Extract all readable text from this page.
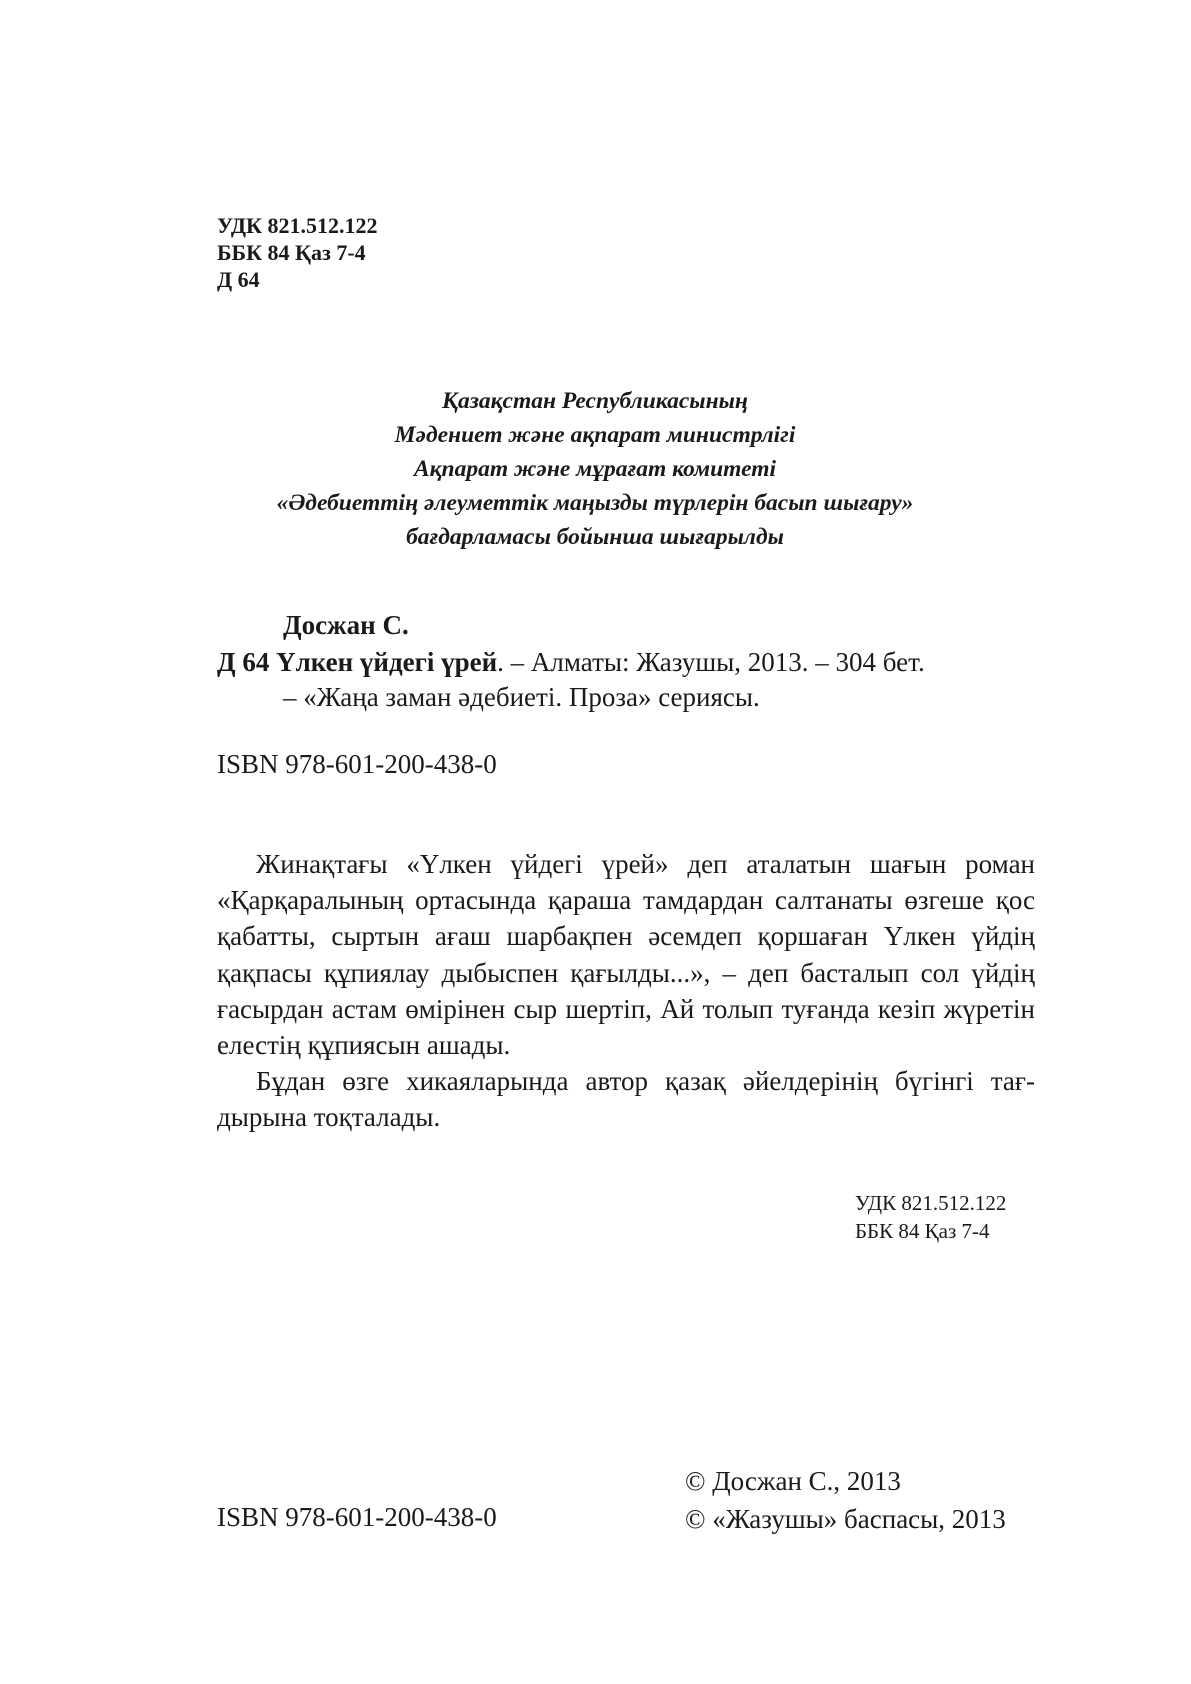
УДК 821.512.122
ББК 84 Қаз 7-4
Д 64
Қазақстан Республикасының
Мәдениет және ақпарат министрлігі
Ақпарат және мұрағат комитеті
«Әдебиеттің әлеуметтік маңызды түрлерін басып шығару»
бағдарламасы бойынша шығарылды
Досжан С.
Д 64 Үлкен үйдегі үрей. – Алматы: Жазушы, 2013. – 304 бет.
– «Жаңа заман әдебиеті. Проза» сериясы.
ISBN 978-601-200-438-0

Жинақтағы «Үлкен үйдегі үрей» деп аталатын шағын роман «Қарқаралының ортасында қараша тамдардан салтанаты өзгеше қос қабатты, сыртын ағаш шарбақпен әсемдеп қоршаған Үлкен үйдің қақпасы құпиялау дыбыспен қағылды...», – деп басталып сол үйдің ғасырдан астам өмірінен сыр шертіп, Ай толып туғанда кезіп жүретін елестің құпиясын ашады.

Бұдан өзге хикаяларында автор қазақ әйелдерінің бүгінгі тағдырына тоқталады.

УДК 821.512.122
ББК 84 Қаз 7-4
ISBN 978-601-200-438-0
© Досжан С., 2013
© «Жазушы» баспасы, 2013
